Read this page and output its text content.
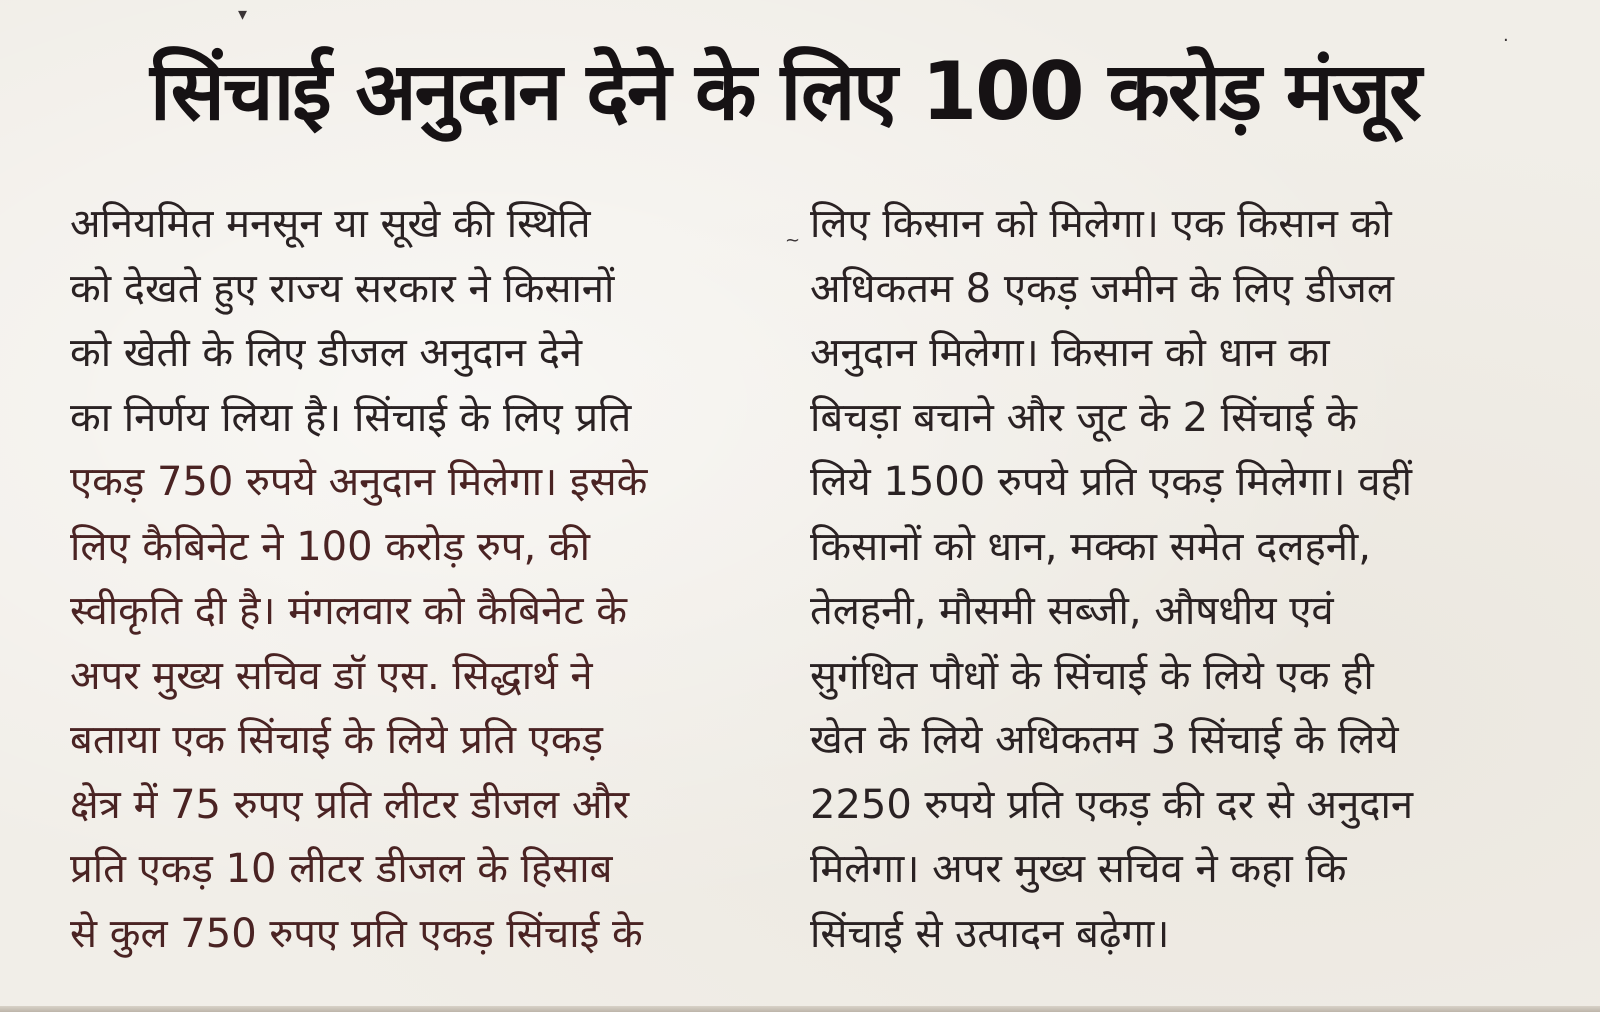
▾
·
~
सिंचाई अनुदान देने के लिए 100 करोड़ मंजूर
अनियमित मनसून या सूखे की स्थिति
को देखते हुए राज्य सरकार ने किसानों
को खेती के लिए डीजल अनुदान देने
का निर्णय लिया है। सिंचाई के लिए प्रति
एकड़ 750 रुपये अनुदान मिलेगा। इसके
लिए कैबिनेट ने 100 करोड़ रुप, की
स्वीकृति दी है। मंगलवार को कैबिनेट के
अपर मुख्य सचिव डॉ एस. सिद्धार्थ ने
बताया एक सिंचाई के लिये प्रति एकड़
क्षेत्र में 75 रुपए प्रति लीटर डीजल और
प्रति एकड़ 10 लीटर डीजल के हिसाब
से कुल 750 रुपए प्रति एकड़ सिंचाई के
लिए किसान को मिलेगा। एक किसान को
अधिकतम 8 एकड़ जमीन के लिए डीजल
अनुदान मिलेगा। किसान को धान का
बिचड़ा बचाने और जूट के 2 सिंचाई के
लिये 1500 रुपये प्रति एकड़ मिलेगा। वहीं
किसानों को धान, मक्का समेत दलहनी,
तेलहनी, मौसमी सब्जी, औषधीय एवं
सुगंधित पौधों के सिंचाई के लिये एक ही
खेत के लिये अधिकतम 3 सिंचाई के लिये
2250 रुपये प्रति एकड़ की दर से अनुदान
मिलेगा। अपर मुख्य सचिव ने कहा कि
सिंचाई से उत्पादन बढ़ेगा।
